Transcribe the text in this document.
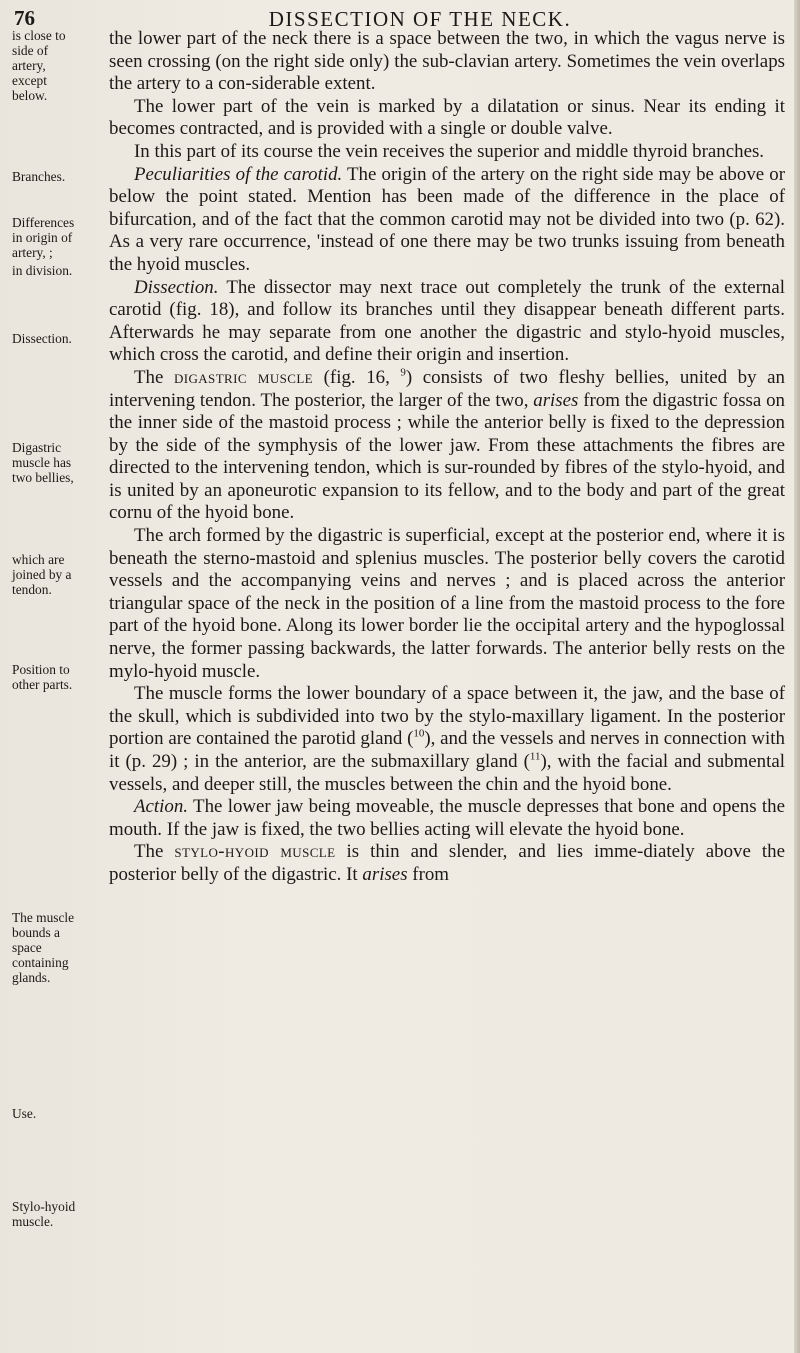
76	DISSECTION OF THE NECK.
is close to
side of
artery,
except
below.
Branches.
Differences
in origin of
artery, ;
in division.
Dissection.
Digastric
muscle has
two bellies,
which are
joined by a
tendon.
Position to
other parts.
The muscle
bounds a
space
containing
glands.
Use.
Stylo-hyoid
muscle.

the lower part of the neck there is a space between the two, in which the vagus nerve is seen crossing (on the right side only) the sub-clavian artery. Sometimes the vein overlaps the artery to a con-siderable extent.

The lower part of the vein is marked by a dilatation or sinus. Near its ending it becomes contracted, and is provided with a single or double valve.

In this part of its course the vein receives the superior and middle thyroid branches.

Peculiarities of the carotid. The origin of the artery on the right side may be above or below the point stated. Mention has been made of the difference in the place of bifurcation, and of the fact that the common carotid may not be divided into two (p. 62). As a very rare occurrence, 'instead of one there may be two trunks issuing from beneath the hyoid muscles.

Dissection. The dissector may next trace out completely the trunk of the external carotid (fig. 18), and follow its branches until they disappear beneath different parts. Afterwards he may separate from one another the digastric and stylo-hyoid muscles, which cross the carotid, and define their origin and insertion.

The digastric muscle (fig. 16, $^9$) consists of two fleshy bellies, united by an intervening tendon. The posterior, the larger of the two, arises from the digastric fossa on the inner side of the mastoid process ; while the anterior belly is fixed to the depression by the side of the symphysis of the lower jaw. From these attachments the fibres are directed to the intervening tendon, which is sur-rounded by fibres of the stylo-hyoid, and is united by an aponeurotic expansion to its fellow, and to the body and part of the great cornu of the hyoid bone.

The arch formed by the digastric is superficial, except at the posterior end, where it is beneath the sterno-mastoid and splenius muscles. The posterior belly covers the carotid vessels and the accompanying veins and nerves ; and is placed across the anterior triangular space of the neck in the position of a line from the mastoid process to the fore part of the hyoid bone. Along its lower border lie the occipital artery and the hypoglossal nerve, the former passing backwards, the latter forwards. The anterior belly rests on the mylo-hyoid muscle.

The muscle forms the lower boundary of a space between it, the jaw, and the base of the skull, which is subdivided into two by the stylo-maxillary ligament. In the posterior portion are contained the parotid gland ($^{10}$), and the vessels and nerves in connection with it (p. 29) ; in the anterior, are the submaxillary gland ($^{11}$), with the facial and submental vessels, and deeper still, the muscles between the chin and the hyoid bone.

Action. The lower jaw being moveable, the muscle depresses that bone and opens the mouth. If the jaw is fixed, the two bellies acting will elevate the hyoid bone.

The stylo-hyoid muscle is thin and slender, and lies imme-diately above the posterior belly of the digastric. It arises from
